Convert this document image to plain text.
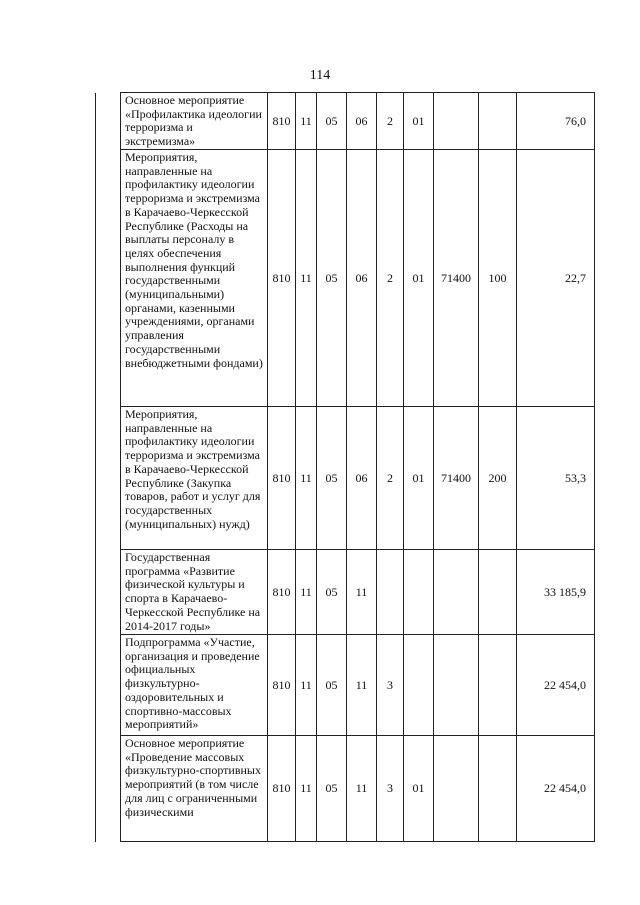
114

	Основное мероприятие «Профилактика идеологии терроризма и экстремизма»	810	11	05	06	2	01			76,0

	Мероприятия, направленные на профилактику идеологии терроризма и экстремизма в Карачаево-Черкесской Республике (Расходы на выплаты персоналу в целях обеспечения выполнения функций государственными (муниципальными) органами, казенными учреждениями, органами управления государственными внебюджетными фондами)	810	11	05	06	2	01	71400	100	22,7

	Мероприятия, направленные на профилактику идеологии терроризма и экстремизма в Карачаево-Черкесской Республике (Закупка товаров, работ и услуг для государственных (муниципальных) нужд)	810	11	05	06	2	01	71400	200	53,3

	Государственная программа «Развитие физической культуры и спорта в Карачаево-Черкесской Республике на 2014-2017 годы»	810	11	05	11					33 185,9

	Подпрограмма «Участие, организация и проведение официальных физкультурно-оздоровительных и спортивно-массовых мероприятий»	810	11	05	11	3				22 454,0

	Основное мероприятие «Проведение массовых физкультурно-спортивных мероприятий (в том числе для лиц с ограниченными физическими	810	11	05	11	3	01			22 454,0
